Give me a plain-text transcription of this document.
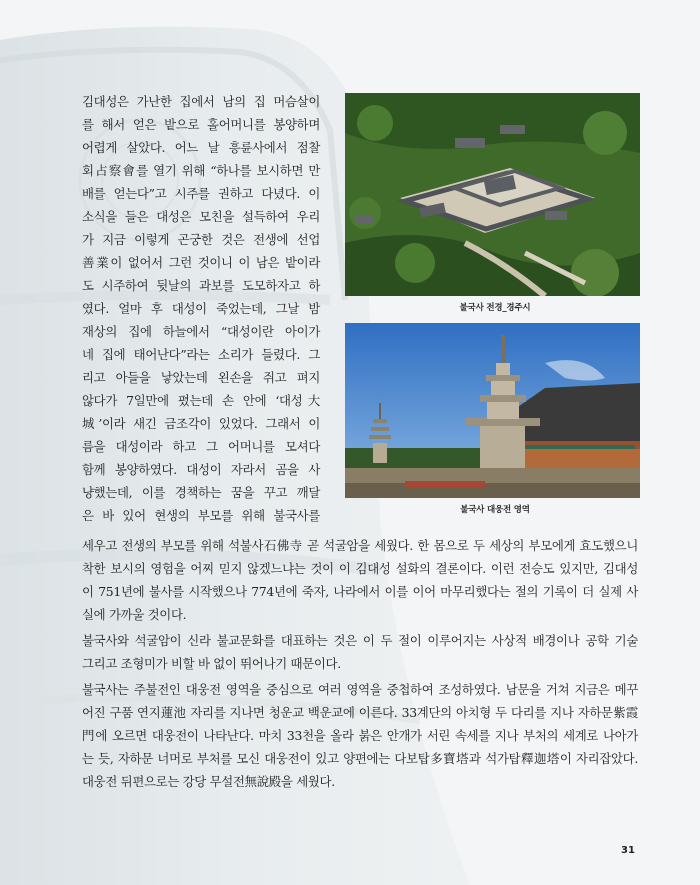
불국사 전경_경주시
불국사 대웅전 영역
김대성은 가난한 집에서 남의 집 머슴살이
를 해서 얻은 밭으로 홀어머니를 봉양하며
어렵게 살았다. 어느 날 흥륜사에서 점찰
회占察會를 열기 위해 “하나를 보시하면 만
배를 얻는다”고 시주를 권하고 다녔다. 이
소식을 들은 대성은 모친을 설득하여 우리
가 지금 이렇게 곤궁한 것은 전생에 선업
善業이 없어서 그런 것이니 이 남은 밭이라
도 시주하여 뒷날의 과보를 도모하자고 하
였다. 얼마 후 대성이 죽었는데, 그날 밤
재상의 집에 하늘에서 “대성이란 아이가
네 집에 태어난다”라는 소리가 들렸다. 그
리고 아들을 낳았는데 왼손을 쥐고 펴지
않다가 7일만에 폈는데 손 안에 ‘대성大
城’이라 새긴 금조각이 있었다. 그래서 이
름을 대성이라 하고 그 어머니를 모셔다
함께 봉양하였다. 대성이 자라서 곰을 사
냥했는데, 이를 경책하는 꿈을 꾸고 깨달
은 바 있어 현생의 부모를 위해 불국사를
세우고 전생의 부모를 위해 석불사石佛寺 곧 석굴암을 세웠다. 한 몸으로 두 세상의 부모에게 효도했으니
착한 보시의 영험을 어찌 믿지 않겠느냐는 것이 이 김대성 설화의 결론이다. 이런 전승도 있지만, 김대성
이 751년에 불사를 시작했으나 774년에 죽자, 나라에서 이를 이어 마무리했다는 절의 기록이 더 실제 사
실에 가까울 것이다.
불국사와 석굴암이 신라 불교문화를 대표하는 것은 이 두 절이 이루어지는 사상적 배경이나 공학 기술
그리고 조형미가 비할 바 없이 뛰어나기 때문이다.
불국사는 주불전인 대웅전 영역을 중심으로 여러 영역을 중첩하여 조성하였다. 남문을 거쳐 지금은 메꾸
어진 구품 연지蓮池 자리를 지나면 청운교 백운교에 이른다. 33계단의 아치형 두 다리를 지나 자하문紫霞
門에 오르면 대웅전이 나타난다. 마치 33천을 올라 붉은 안개가 서린 속세를 지나 부처의 세계로 나아가
는 듯, 자하문 너머로 부처를 모신 대웅전이 있고 양편에는 다보탑多寶塔과 석가탑釋迦塔이 자리잡았다.
대웅전 뒤편으로는 강당 무설전無說殿을 세웠다.
31
